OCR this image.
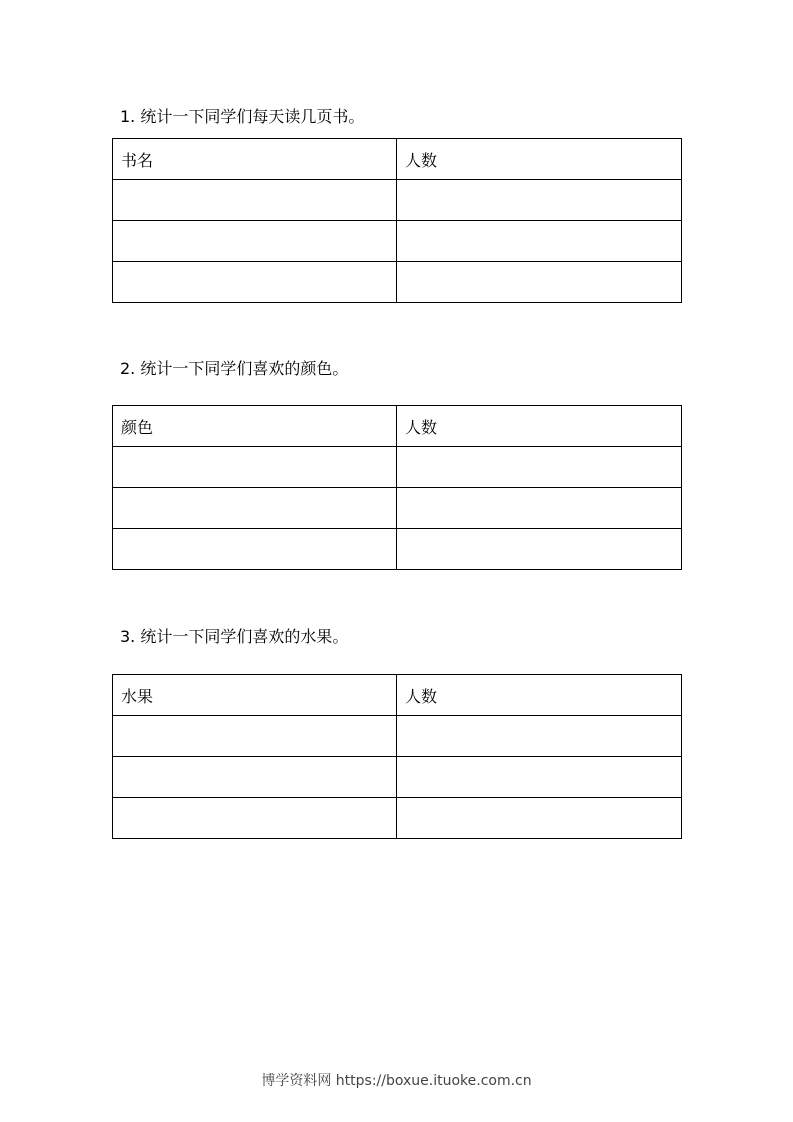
1. 统计一下同学们每天读几页书。
书名	人数

2. 统计一下同学们喜欢的颜色。
颜色	人数

3. 统计一下同学们喜欢的水果。
水果	人数

博学资料网 https://boxue.ituoke.com.cn
